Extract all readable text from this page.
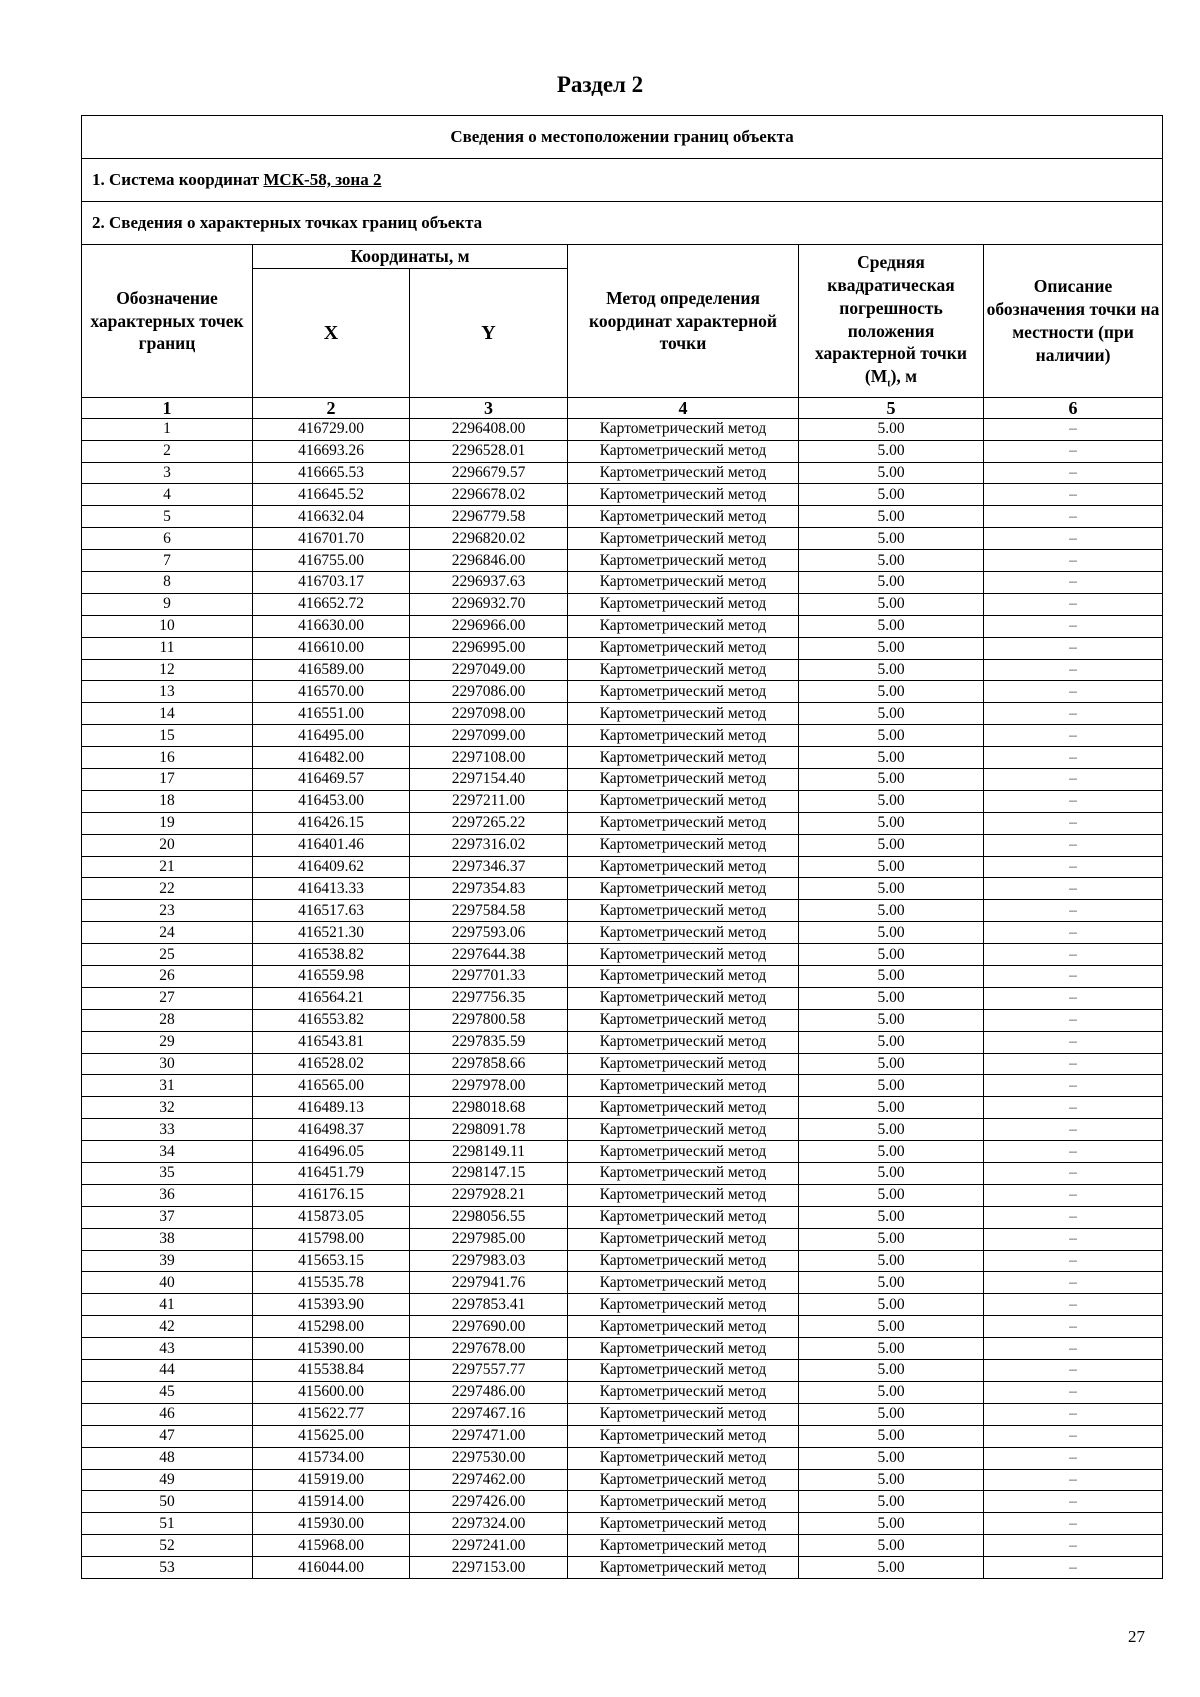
Раздел 2
Сведения о местоположении границ объекта					
1. Система координат МСК-58, зона 2					
2. Сведения о характерных точках границ объекта					
Обозначение характерных точек границ	Координаты, м		Метод определения координат характерной точки	Средняя квадратическая погрешность положения характерной точки $(M_t)$, м	Описание обозначения точки на местности (при наличии)
	X	Y			
1	2	3	4	5	6
1	416729.00	2296408.00	Картометрический метод	5.00	–
2	416693.26	2296528.01	Картометрический метод	5.00	–
3	416665.53	2296679.57	Картометрический метод	5.00	–
4	416645.52	2296678.02	Картометрический метод	5.00	–
5	416632.04	2296779.58	Картометрический метод	5.00	–
6	416701.70	2296820.02	Картометрический метод	5.00	–
7	416755.00	2296846.00	Картометрический метод	5.00	–
8	416703.17	2296937.63	Картометрический метод	5.00	–
9	416652.72	2296932.70	Картометрический метод	5.00	–
10	416630.00	2296966.00	Картометрический метод	5.00	–
11	416610.00	2296995.00	Картометрический метод	5.00	–
12	416589.00	2297049.00	Картометрический метод	5.00	–
13	416570.00	2297086.00	Картометрический метод	5.00	–
14	416551.00	2297098.00	Картометрический метод	5.00	–
15	416495.00	2297099.00	Картометрический метод	5.00	–
16	416482.00	2297108.00	Картометрический метод	5.00	–
17	416469.57	2297154.40	Картометрический метод	5.00	–
18	416453.00	2297211.00	Картометрический метод	5.00	–
19	416426.15	2297265.22	Картометрический метод	5.00	–
20	416401.46	2297316.02	Картометрический метод	5.00	–
21	416409.62	2297346.37	Картометрический метод	5.00	–
22	416413.33	2297354.83	Картометрический метод	5.00	–
23	416517.63	2297584.58	Картометрический метод	5.00	–
24	416521.30	2297593.06	Картометрический метод	5.00	–
25	416538.82	2297644.38	Картометрический метод	5.00	–
26	416559.98	2297701.33	Картометрический метод	5.00	–
27	416564.21	2297756.35	Картометрический метод	5.00	–
28	416553.82	2297800.58	Картометрический метод	5.00	–
29	416543.81	2297835.59	Картометрический метод	5.00	–
30	416528.02	2297858.66	Картометрический метод	5.00	–
31	416565.00	2297978.00	Картометрический метод	5.00	–
32	416489.13	2298018.68	Картометрический метод	5.00	–
33	416498.37	2298091.78	Картометрический метод	5.00	–
34	416496.05	2298149.11	Картометрический метод	5.00	–
35	416451.79	2298147.15	Картометрический метод	5.00	–
36	416176.15	2297928.21	Картометрический метод	5.00	–
37	415873.05	2298056.55	Картометрический метод	5.00	–
38	415798.00	2297985.00	Картометрический метод	5.00	–
39	415653.15	2297983.03	Картометрический метод	5.00	–
40	415535.78	2297941.76	Картометрический метод	5.00	–
41	415393.90	2297853.41	Картометрический метод	5.00	–
42	415298.00	2297690.00	Картометрический метод	5.00	–
43	415390.00	2297678.00	Картометрический метод	5.00	–
44	415538.84	2297557.77	Картометрический метод	5.00	–
45	415600.00	2297486.00	Картометрический метод	5.00	–
46	415622.77	2297467.16	Картометрический метод	5.00	–
47	415625.00	2297471.00	Картометрический метод	5.00	–
48	415734.00	2297530.00	Картометрический метод	5.00	–
49	415919.00	2297462.00	Картометрический метод	5.00	–
50	415914.00	2297426.00	Картометрический метод	5.00	–
51	415930.00	2297324.00	Картометрический метод	5.00	–
52	415968.00	2297241.00	Картометрический метод	5.00	–
53	416044.00	2297153.00	Картометрический метод	5.00	–
27
